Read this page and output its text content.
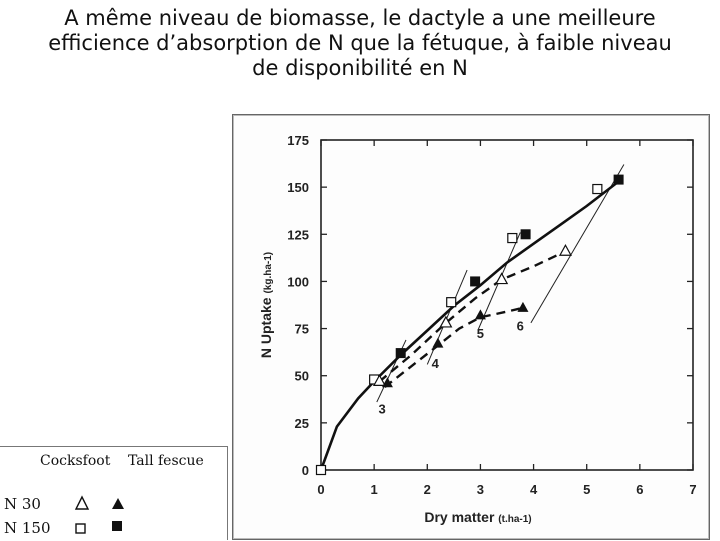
A même niveau de biomasse, le dactyle a une meilleure
efficience d’absorption de N que la fétuque, à faible niveau
de disponibilité en N
0	1	2	3	4	5	6	7
0
25
50
75
100
125
150
175
Dry matter (t.ha-1)
N Uptake (kg.ha-1)
3
4
5
6
Cocksfoot Tall fescue
N 30
N 150
